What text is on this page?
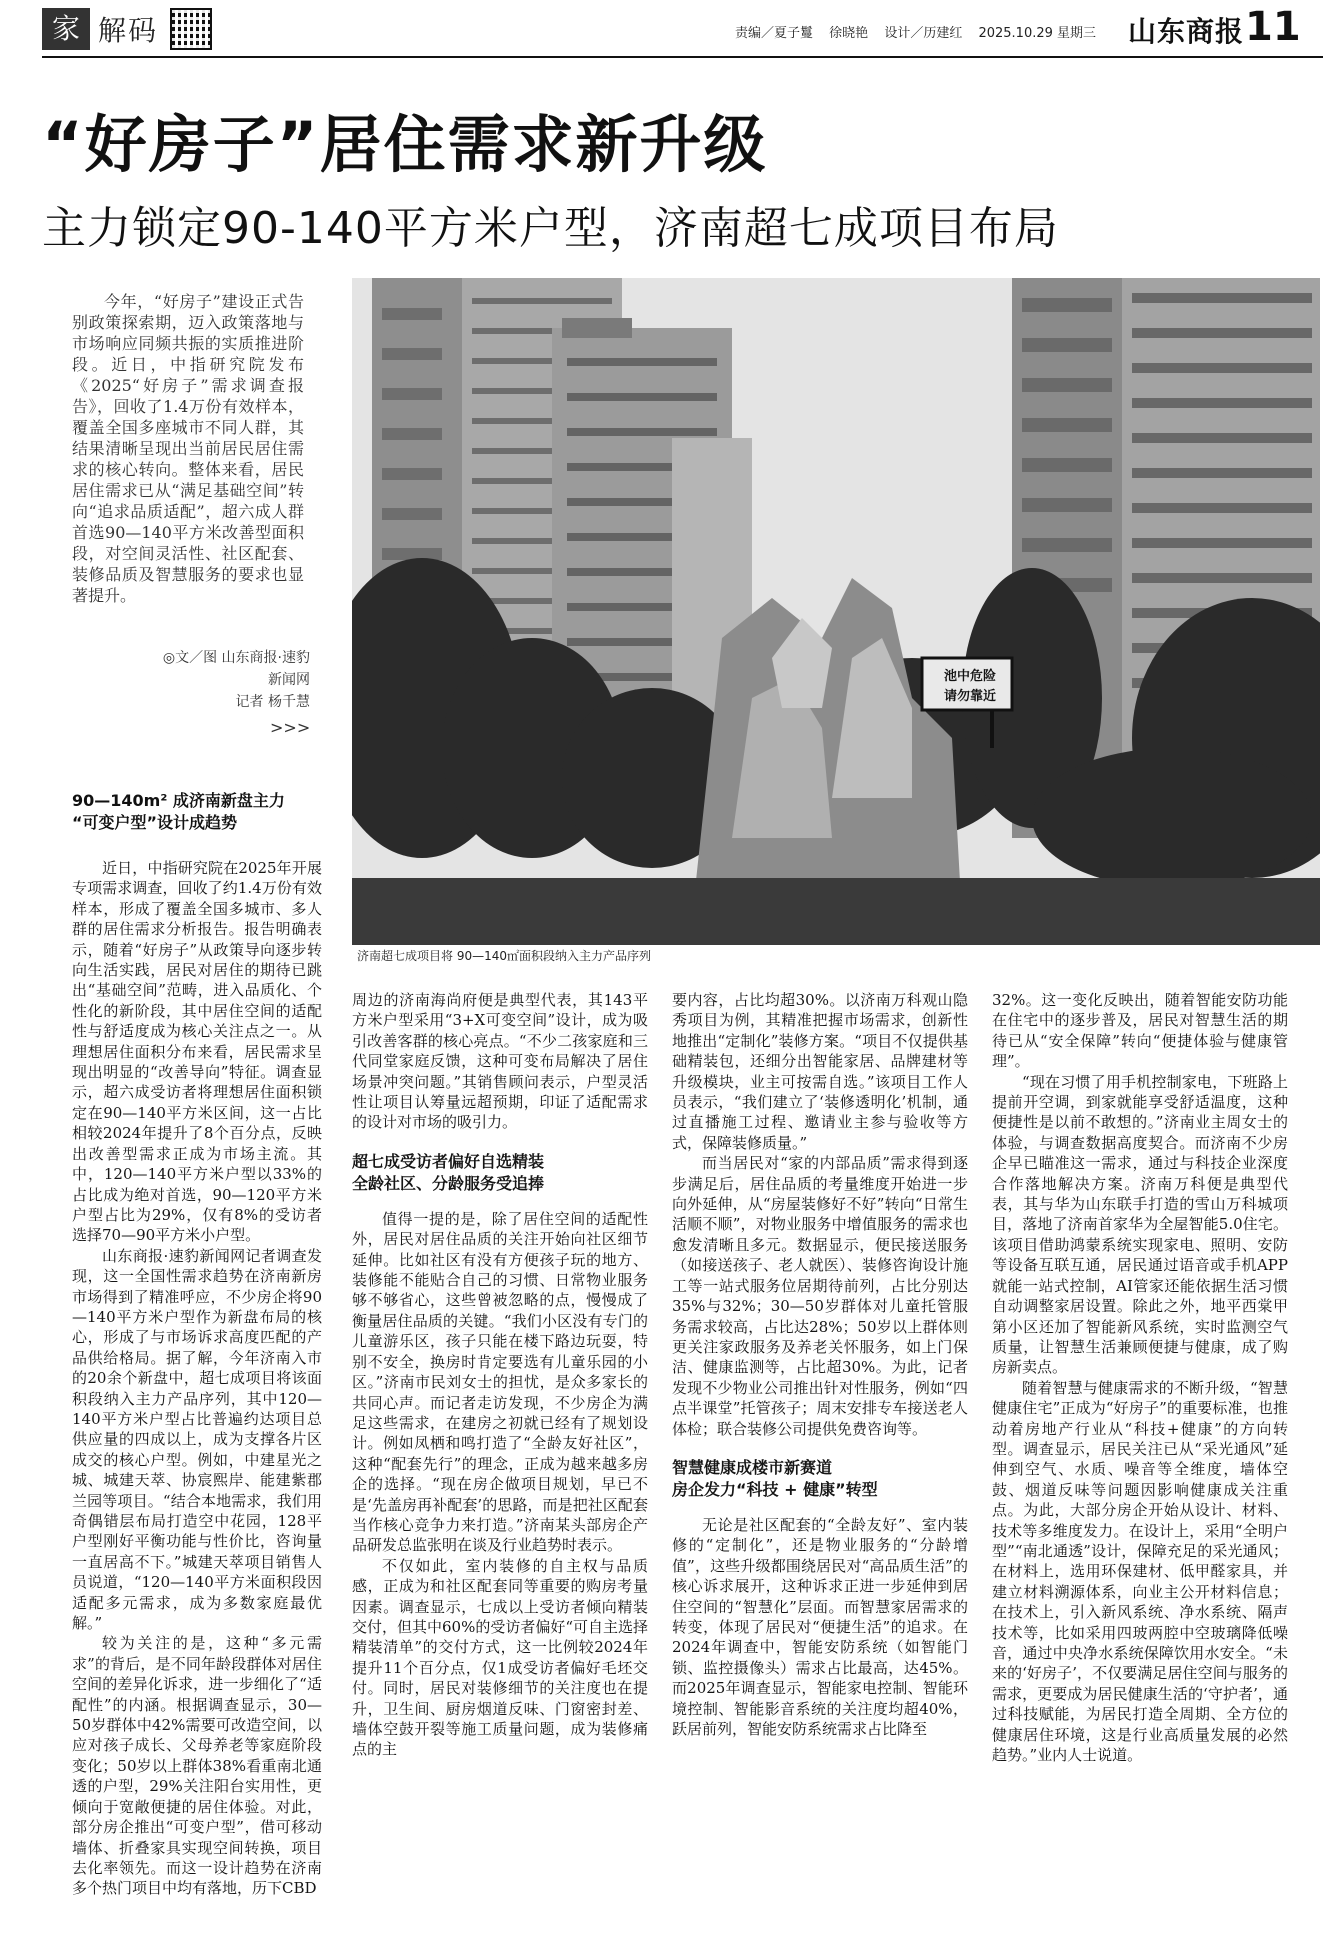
家 解码	责编／夏子鬘 徐晓艳 设计／历建红 2025.10.29 星期三	山东商报 11
“好房子”居住需求新升级
主力锁定90-140平方米户型，济南超七成项目布局
今年，“好房子”建设正式告别政策探索期，迈入政策落地与市场响应同频共振的实质推进阶段。近日，中指研究院发布《2025“好房子”需求调查报告》，回收了1.4万份有效样本，覆盖全国多座城市不同人群，其结果清晰呈现出当前居民居住需求的核心转向。整体来看，居民居住需求已从“满足基础空间”转向“追求品质适配”，超六成人群首选90—140平方米改善型面积段，对空间灵活性、社区配套、装修品质及智慧服务的要求也显著提升。
◎文／图 山东商报·速豹新闻网
记者 杨千慧
>>>
池中危险
请勿靠近
济南超七成项目将 90—140㎡面积段纳入主力产品序列
90—140m² 成济南新盘主力
“可变户型”设计成趋势

近日，中指研究院在2025年开展专项需求调查，回收了约1.4万份有效样本，形成了覆盖全国多城市、多人群的居住需求分析报告。报告明确表示，随着“好房子”从政策导向逐步转向生活实践，居民对居住的期待已跳出“基础空间”范畴，进入品质化、个性化的新阶段，其中居住空间的适配性与舒适度成为核心关注点之一。从理想居住面积分布来看，居民需求呈现出明显的“改善导向”特征。调查显示，超六成受访者将理想居住面积锁定在90—140平方米区间，这一占比相较2024年提升了8个百分点，反映出改善型需求正成为市场主流。其中，120—140平方米户型以33%的占比成为绝对首选，90—120平方米户型占比为29%，仅有8%的受访者选择70—90平方米小户型。

山东商报·速豹新闻网记者调查发现，这一全国性需求趋势在济南新房市场得到了精准呼应，不少房企将90—140平方米户型作为新盘布局的核心，形成了与市场诉求高度匹配的产品供给格局。据了解，今年济南入市的20余个新盘中，超七成项目将该面积段纳入主力产品序列，其中120—140平方米户型占比普遍约达项目总供应量的四成以上，成为支撑各片区成交的核心户型。例如，中建星光之城、城建天萃、协宸熙岸、能建紫郡兰园等项目。“结合本地需求，我们用奇偶错层布局打造空中花园，128平户型刚好平衡功能与性价比，咨询量一直居高不下。”城建天萃项目销售人员说道，“120—140平方米面积段因适配多元需求，成为多数家庭最优解。”

较为关注的是，这种“多元需求”的背后，是不同年龄段群体对居住空间的差异化诉求，进一步细化了“适配性”的内涵。根据调查显示，30—50岁群体中42%需要可改造空间，以应对孩子成长、父母养老等家庭阶段变化；50岁以上群体38%看重南北通透的户型，29%关注阳台实用性，更倾向于宽敞便捷的居住体验。对此，部分房企推出“可变户型”，借可移动墙体、折叠家具实现空间转换，项目去化率领先。而这一设计趋势在济南多个热门项目中均有落地，历下CBD

周边的济南海尚府便是典型代表，其143平方米户型采用“3+X可变空间”设计，成为吸引改善客群的核心亮点。“不少二孩家庭和三代同堂家庭反馈，这种可变布局解决了居住场景冲突问题。”其销售顾问表示，户型灵活性让项目认筹量远超预期，印证了适配需求的设计对市场的吸引力。

超七成受访者偏好自选精装
全龄社区、分龄服务受追捧

值得一提的是，除了居住空间的适配性外，居民对居住品质的关注开始向社区细节延伸。比如社区有没有方便孩子玩的地方、装修能不能贴合自己的习惯、日常物业服务够不够省心，这些曾被忽略的点，慢慢成了衡量居住品质的关键。“我们小区没有专门的儿童游乐区，孩子只能在楼下路边玩耍，特别不安全，换房时肯定要选有儿童乐园的小区。”济南市民刘女士的担忧，是众多家长的共同心声。而记者走访发现，不少房企为满足这些需求，在建房之初就已经有了规划设计。例如凤栖和鸣打造了“全龄友好社区”，这种“配套先行”的理念，正成为越来越多房企的选择。“现在房企做项目规划，早已不是‘先盖房再补配套’的思路，而是把社区配套当作核心竞争力来打造。”济南某头部房企产品研发总监张明在谈及行业趋势时表示。

不仅如此，室内装修的自主权与品质感，正成为和社区配套同等重要的购房考量因素。调查显示，七成以上受访者倾向精装交付，但其中60%的受访者偏好“可自主选择精装清单”的交付方式，这一比例较2024年提升11个百分点，仅1成受访者偏好毛坯交付。同时，居民对装修细节的关注度也在提升，卫生间、厨房烟道反味、门窗密封差、墙体空鼓开裂等施工质量问题，成为装修痛点的主

要内容，占比均超30%。以济南万科观山隐秀项目为例，其精准把握市场需求，创新性地推出“定制化”装修方案。“项目不仅提供基础精装包，还细分出智能家居、品牌建材等升级模块，业主可按需自选。”该项目工作人员表示，“我们建立了‘装修透明化’机制，通过直播施工过程、邀请业主参与验收等方式，保障装修质量。”

而当居民对“家的内部品质”需求得到逐步满足后，居住品质的考量维度开始进一步向外延伸，从“房屋装修好不好”转向“日常生活顺不顺”，对物业服务中增值服务的需求也愈发清晰且多元。数据显示，便民接送服务（如接送孩子、老人就医）、装修咨询设计施工等一站式服务位居期待前列，占比分别达35%与32%；30—50岁群体对儿童托管服务需求较高，占比达28%；50岁以上群体则更关注家政服务及养老关怀服务，如上门保洁、健康监测等，占比超30%。为此，记者发现不少物业公司推出针对性服务，例如“四点半课堂”托管孩子；周末安排专车接送老人体检；联合装修公司提供免费咨询等。

智慧健康成楼市新赛道
房企发力“科技 + 健康”转型

无论是社区配套的“全龄友好”、室内装修的“定制化”，还是物业服务的“分龄增值”，这些升级都围绕居民对“高品质生活”的核心诉求展开，这种诉求正进一步延伸到居住空间的“智慧化”层面。而智慧家居需求的转变，体现了居民对“便捷生活”的追求。在2024年调查中，智能安防系统（如智能门锁、监控摄像头）需求占比最高，达45%。而2025年调查显示，智能家电控制、智能环境控制、智能影音系统的关注度均超40%，跃居前列，智能安防系统需求占比降至

32%。这一变化反映出，随着智能安防功能在住宅中的逐步普及，居民对智慧生活的期待已从“安全保障”转向“便捷体验与健康管理”。

“现在习惯了用手机控制家电，下班路上提前开空调，到家就能享受舒适温度，这种便捷性是以前不敢想的。”济南业主周女士的体验，与调查数据高度契合。而济南不少房企早已瞄准这一需求，通过与科技企业深度合作落地解决方案。济南万科便是典型代表，其与华为山东联手打造的雪山万科城项目，落地了济南首家华为全屋智能5.0住宅。该项目借助鸿蒙系统实现家电、照明、安防等设备互联互通，居民通过语音或手机APP就能一站式控制，AI管家还能依据生活习惯自动调整家居设置。除此之外，地平西棠甲第小区还加了智能新风系统，实时监测空气质量，让智慧生活兼顾便捷与健康，成了购房新卖点。

随着智慧与健康需求的不断升级，“智慧健康住宅”正成为“好房子”的重要标准，也推动着房地产行业从“科技+健康”的方向转型。调查显示，居民关注已从“采光通风”延伸到空气、水质、噪音等全维度，墙体空鼓、烟道反味等问题因影响健康成关注重点。为此，大部分房企开始从设计、材料、技术等多维度发力。在设计上，采用“全明户型”“南北通透”设计，保障充足的采光通风；在材料上，选用环保建材、低甲醛家具，并建立材料溯源体系，向业主公开材料信息；在技术上，引入新风系统、净水系统、隔声技术等，比如采用四玻两腔中空玻璃降低噪音，通过中央净水系统保障饮用水安全。“未来的‘好房子’，不仅要满足居住空间与服务的需求，更要成为居民健康生活的‘守护者’，通过科技赋能，为居民打造全周期、全方位的健康居住环境，这是行业高质量发展的必然趋势。”业内人士说道。
